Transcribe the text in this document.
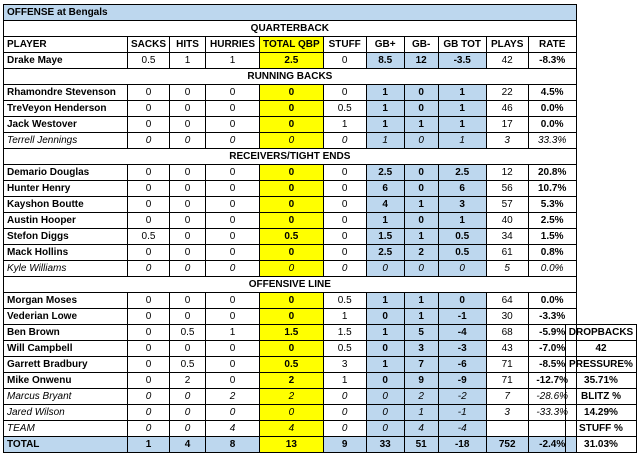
OFFENSE at Bengals										
QUARTERBACK										
PLAYER	SACKS	HITS	HURRIES	TOTAL QBP	STUFF	GB+	GB-	GB TOT	PLAYS	RATE
Drake Maye	0.5	1	1	2.5	0	8.5	12	-3.5	42	-8.3%
RUNNING BACKS										
Rhamondre Stevenson	0	0	0	0	0	1	0	1	22	4.5%
TreVeyon Henderson	0	0	0	0	0.5	1	0	1	46	0.0%
Jack Westover	0	0	0	0	1	1	1	1	17	0.0%
Terrell Jennings	0	0	0	0	0	1	0	1	3	33.3%
RECEIVERS/TIGHT ENDS										
Demario Douglas	0	0	0	0	0	2.5	0	2.5	12	20.8%
Hunter Henry	0	0	0	0	0	6	0	6	56	10.7%
Kayshon Boutte	0	0	0	0	0	4	1	3	57	5.3%
Austin Hooper	0	0	0	0	0	1	0	1	40	2.5%
Stefon Diggs	0.5	0	0	0.5	0	1.5	1	0.5	34	1.5%
Mack Hollins	0	0	0	0	0	2.5	2	0.5	61	0.8%
Kyle Williams	0	0	0	0	0	0	0	0	5	0.0%
OFFENSIVE LINE										
Morgan Moses	0	0	0	0	0.5	1	1	0	64	0.0%
Vederian Lowe	0	0	0	0	1	0	1	-1	30	-3.3%
Ben Brown	0	0.5	1	1.5	1.5	1	5	-4	68	-5.9%
Will Campbell	0	0	0	0	0.5	0	3	-3	43	-7.0%
Garrett Bradbury	0	0.5	0	0.5	3	1	7	-6	71	-8.5%
Mike Onwenu	0	2	0	2	1	0	9	-9	71	-12.7%
Marcus Bryant	0	0	2	2	0	0	2	-2	7	-28.6%
Jared Wilson	0	0	0	0	0	0	1	-1	3	-33.3%
TEAM	0	0	4	4	0	0	4	-4		
TOTAL	1	4	8	13	9	33	51	-18	752	-2.4%
DROPBACKS
42
PRESSURE%
35.71%
BLITZ %
14.29%
STUFF %
31.03%
